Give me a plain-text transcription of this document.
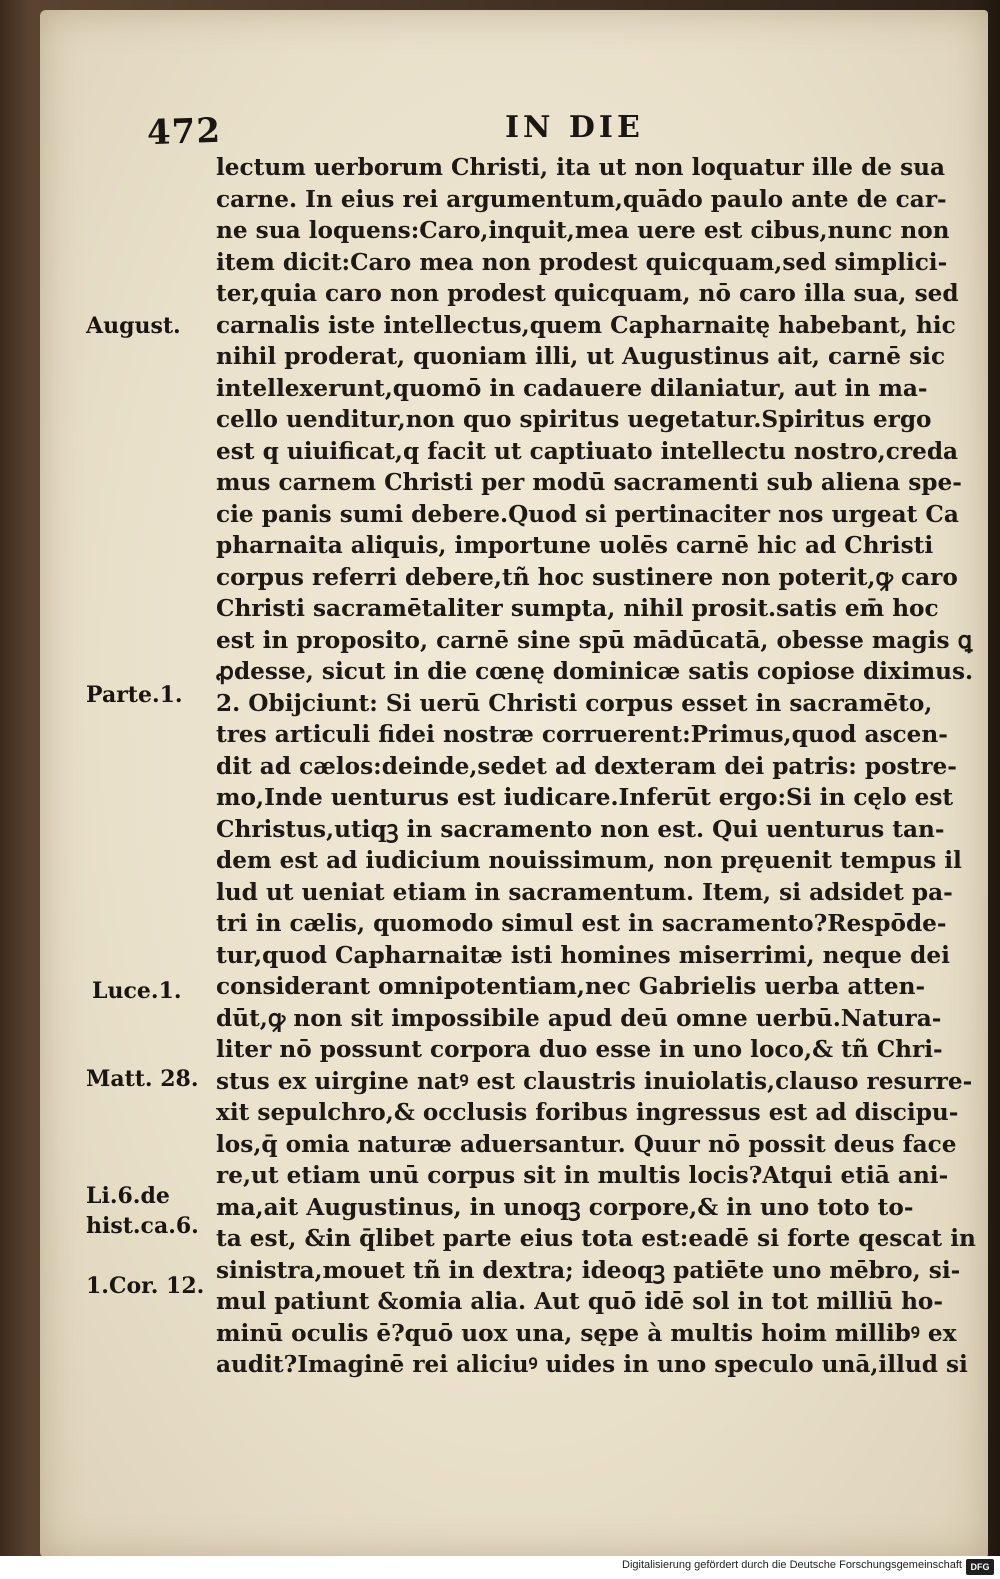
472	IN DIE
lectum uerborum Christi, ita ut non loquatur ille de sua
carne. In eius rei argumentum,quādo paulo ante de car-
ne sua loquens:Caro,inquit,mea uere est cibus,nunc non
item dicit:Caro mea non prodest quicquam,sed simplici-
ter,quia caro non prodest quicquam, nō caro illa sua, sed
carnalis iste intellectus,quem Capharnaitę habebant, hic
nihil proderat, quoniam illi, ut Augustinus ait, carnē sic
intellexerunt,quomō in cadauere dilaniatur, aut in ma-
cello uenditur,non quo spiritus uegetatur.Spiritus ergo
est q uiuificat,q facit ut captiuato intellectu nostro,creda
mus carnem Christi per modū sacramenti sub aliena spe-
cie panis sumi debere.Quod si pertinaciter nos urgeat Ca
pharnaita aliquis, importune uolēs carnē hic ad Christi
corpus referri debere,tñ hoc sustinere non poterit,ꝙ caro
Christi sacramētaliter sumpta, nihil prosit.satis em̄ hoc
est in proposito, carnē sine spū mādūcatā, obesse magis ꝗ
ꝓdesse, sicut in die cœnę dominicæ satis copiose diximus.
2. Obijciunt: Si uerū Christi corpus esset in sacramēto,
tres articuli fidei nostræ corruerent:Primus,quod ascen-
dit ad cælos:deinde,sedet ad dexteram dei patris: postre-
mo,Inde uenturus est iudicare.Inferūt ergo:Si in cęlo est
Christus,utiqꝫ in sacramento non est. Qui uenturus tan-
dem est ad iudicium nouissimum, non pręuenit tempus il
lud ut ueniat etiam in sacramentum. Item, si adsidet pa-
tri in cælis, quomodo simul est in sacramento?Respōde-
tur,quod Capharnaitæ isti homines miserrimi, neque dei
considerant omnipotentiam,nec Gabrielis uerba atten-
dūt,ꝙ non sit impossibile apud deū omne uerbū.Natura-
liter nō possunt corpora duo esse in uno loco,& tñ Chri-
stus ex uirgine natꝰ est claustris inuiolatis,clauso resurre-
xit sepulchro,& occlusis foribus ingressus est ad discipu-
los,q̄ omia naturæ aduersantur. Quur nō possit deus face
re,ut etiam unū corpus sit in multis locis?Atqui etiā ani-
ma,ait Augustinus, in unoqꝫ corpore,& in uno toto to-
ta est, &in q̄libet parte eius tota est:eadē si forte qescat in
sinistra,mouet tñ in dextra; ideoqꝫ patiēte uno mēbro, si-
mul patiunt &omia alia. Aut quō idē sol in tot milliū ho-
minū oculis ē?quō uox una, sępe à multis hoim millibꝰ ex
audit?Imaginē rei aliciuꝰ uides in uno speculo unā,illud si
August.
Parte.1.
Luce.1.
Matt. 28.
Li.6.de
hist.ca.6.
1.Cor. 12.
Digitalisierung gefördert durch die Deutsche Forschungsgemeinschaft DFG
